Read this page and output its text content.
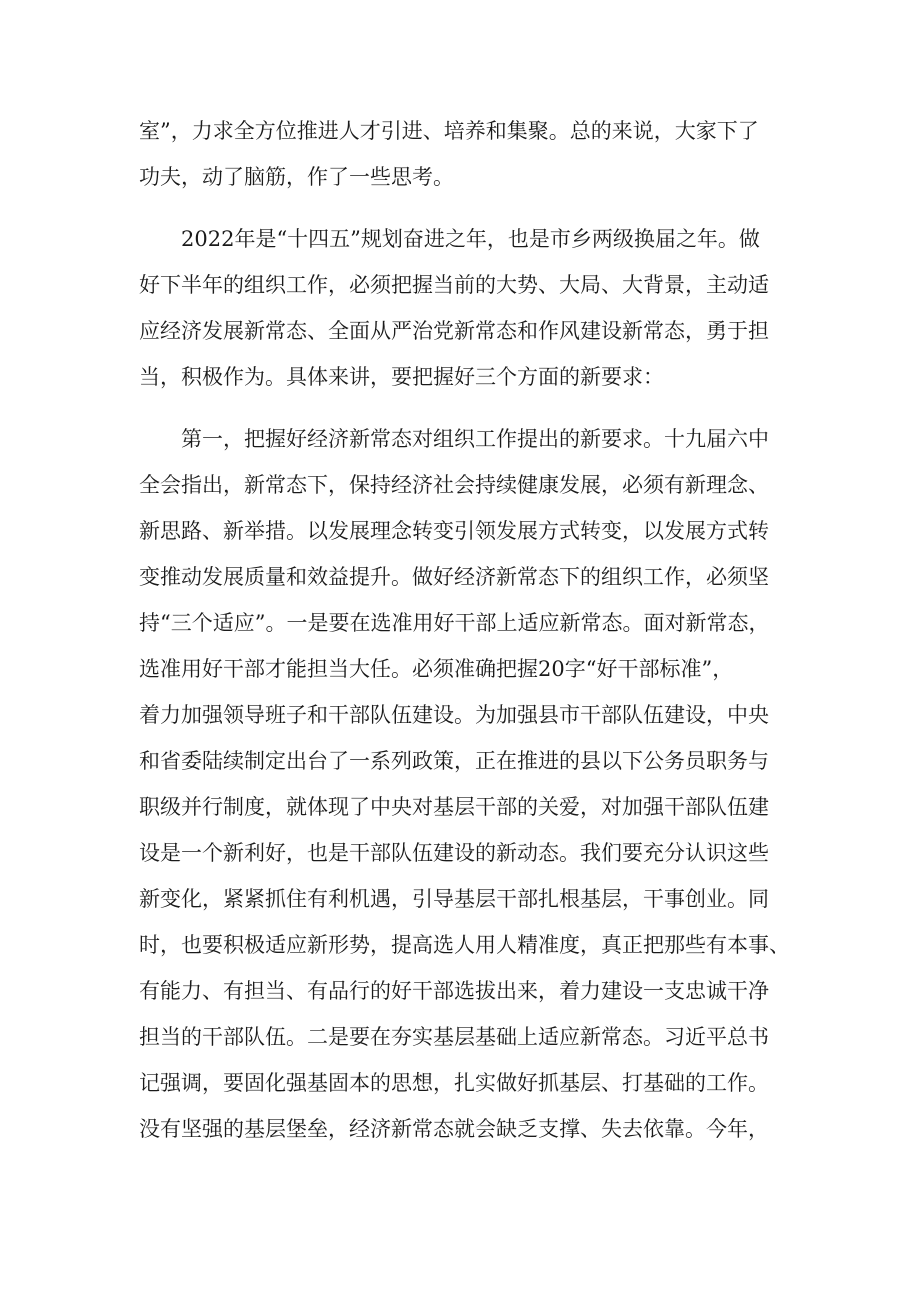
室”，力求全方位推进人才引进、培养和集聚。总的来说，大家下了
功夫，动了脑筋，作了一些思考。

2022年是“十四五”规划奋进之年，也是市乡两级换届之年。做
好下半年的组织工作，必须把握当前的大势、大局、大背景，主动适
应经济发展新常态、全面从严治党新常态和作风建设新常态，勇于担
当，积极作为。具体来讲，要把握好三个方面的新要求：

第一，把握好经济新常态对组织工作提出的新要求。十九届六中
全会指出，新常态下，保持经济社会持续健康发展，必须有新理念、
新思路、新举措。以发展理念转变引领发展方式转变，以发展方式转
变推动发展质量和效益提升。做好经济新常态下的组织工作，必须坚
持“三个适应”。一是要在选准用好干部上适应新常态。面对新常态，
选准用好干部才能担当大任。必须准确把握20字“好干部标准”，
着力加强领导班子和干部队伍建设。为加强县市干部队伍建设，中央
和省委陆续制定出台了一系列政策，正在推进的县以下公务员职务与
职级并行制度，就体现了中央对基层干部的关爱，对加强干部队伍建
设是一个新利好，也是干部队伍建设的新动态。我们要充分认识这些
新变化，紧紧抓住有利机遇，引导基层干部扎根基层，干事创业。同
时，也要积极适应新形势，提高选人用人精准度，真正把那些有本事、
有能力、有担当、有品行的好干部选拔出来，着力建设一支忠诚干净
担当的干部队伍。二是要在夯实基层基础上适应新常态。习近平总书
记强调，要固化强基固本的思想，扎实做好抓基层、打基础的工作。
没有坚强的基层堡垒，经济新常态就会缺乏支撑、失去依靠。今年，
